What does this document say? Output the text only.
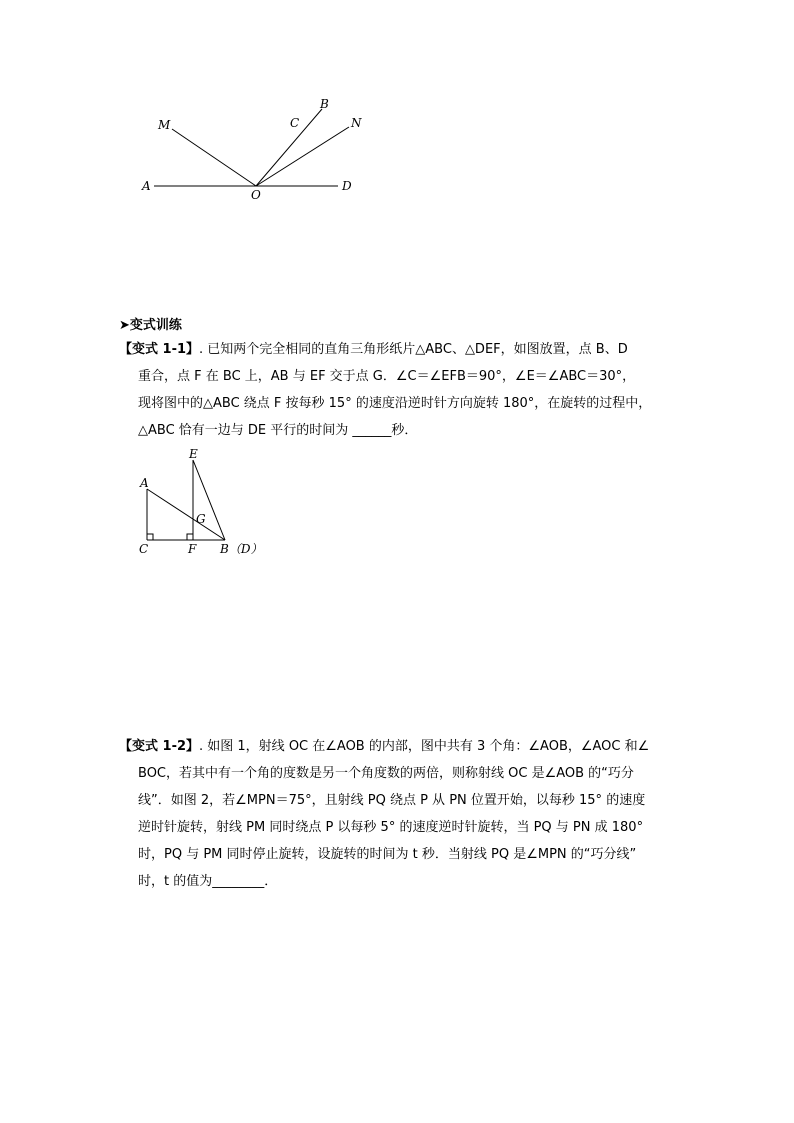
M	C
B
N
A
O
D
➤变式训练
【变式 1-1】. 已知两个完全相同的直角三角形纸片△ABC、△DEF，如图放置，点 B、D
重合，点 F 在 BC 上，AB 与 EF 交于点 G．∠C＝∠EFB＝90°，∠E＝∠ABC＝30°，
现将图中的△ABC 绕点 F 按每秒 15° 的速度沿逆时针方向旋转 180°，在旋转的过程中，
△ABC 恰有一边与 DE 平行的时间为 ______秒．
E
A
G
C	F B（D）
【变式 1-2】. 如图 1，射线 OC 在∠AOB 的内部，图中共有 3 个角：∠AOB，∠AOC 和∠
BOC，若其中有一个角的度数是另一个角度数的两倍，则称射线 OC 是∠AOB 的“巧分
线”．如图 2，若∠MPN＝75°，且射线 PQ 绕点 P 从 PN 位置开始，以每秒 15° 的速度
逆时针旋转，射线 PM 同时绕点 P 以每秒 5° 的速度逆时针旋转，当 PQ 与 PN 成 180°
时，PQ 与 PM 同时停止旋转，设旋转的时间为 t 秒．当射线 PQ 是∠MPN 的“巧分线”
时，t 的值为________．
